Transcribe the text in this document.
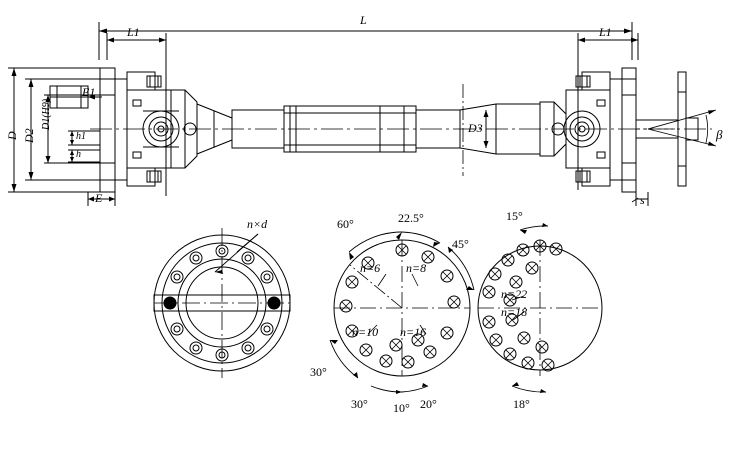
L
L1	L1
D D2
D1(H9)	D3
h1
h
E
E1
s
β
n×d	60°	22.5°
45°
30°
30° 10° 20°
n=6 n=8
n=10 n=16
15°
18°
n=22
n=18
